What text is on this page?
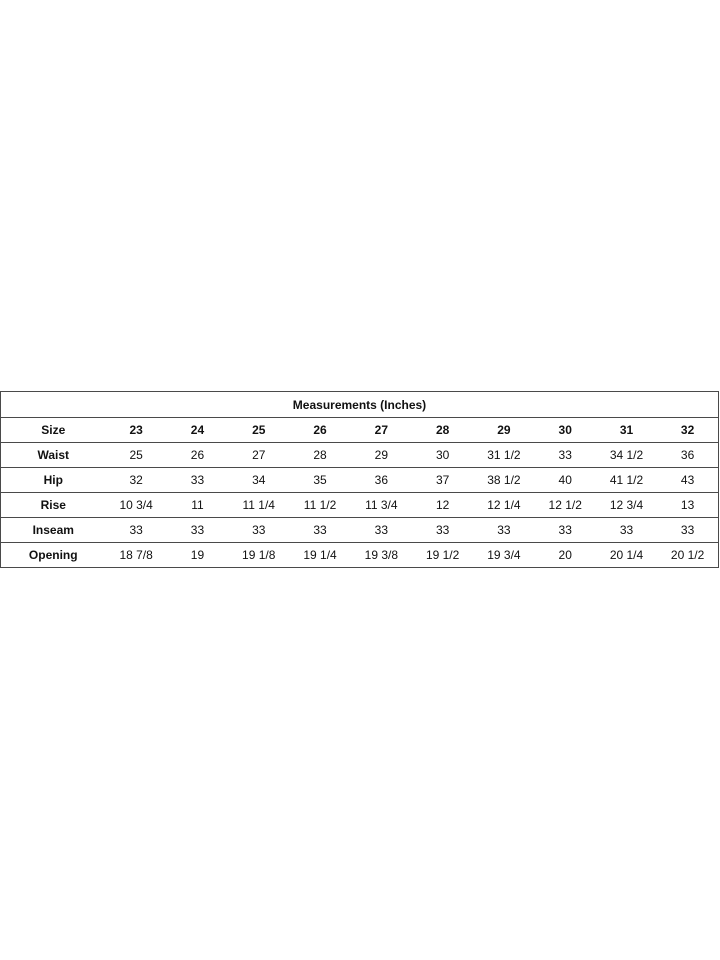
Measurements (Inches)										
Size	23	24	25	26	27	28	29	30	31	32
Waist	25	26	27	28	29	30	31 1/2	33	34 1/2	36
Hip	32	33	34	35	36	37	38 1/2	40	41 1/2	43
Rise	10 3/4	11	11 1/4	11 1/2	11 3/4	12	12 1/4	12 1/2	12 3/4	13
Inseam	33	33	33	33	33	33	33	33	33	33
Opening	18 7/8	19	19 1/8	19 1/4	19 3/8	19 1/2	19 3/4	20	20 1/4	20 1/2
